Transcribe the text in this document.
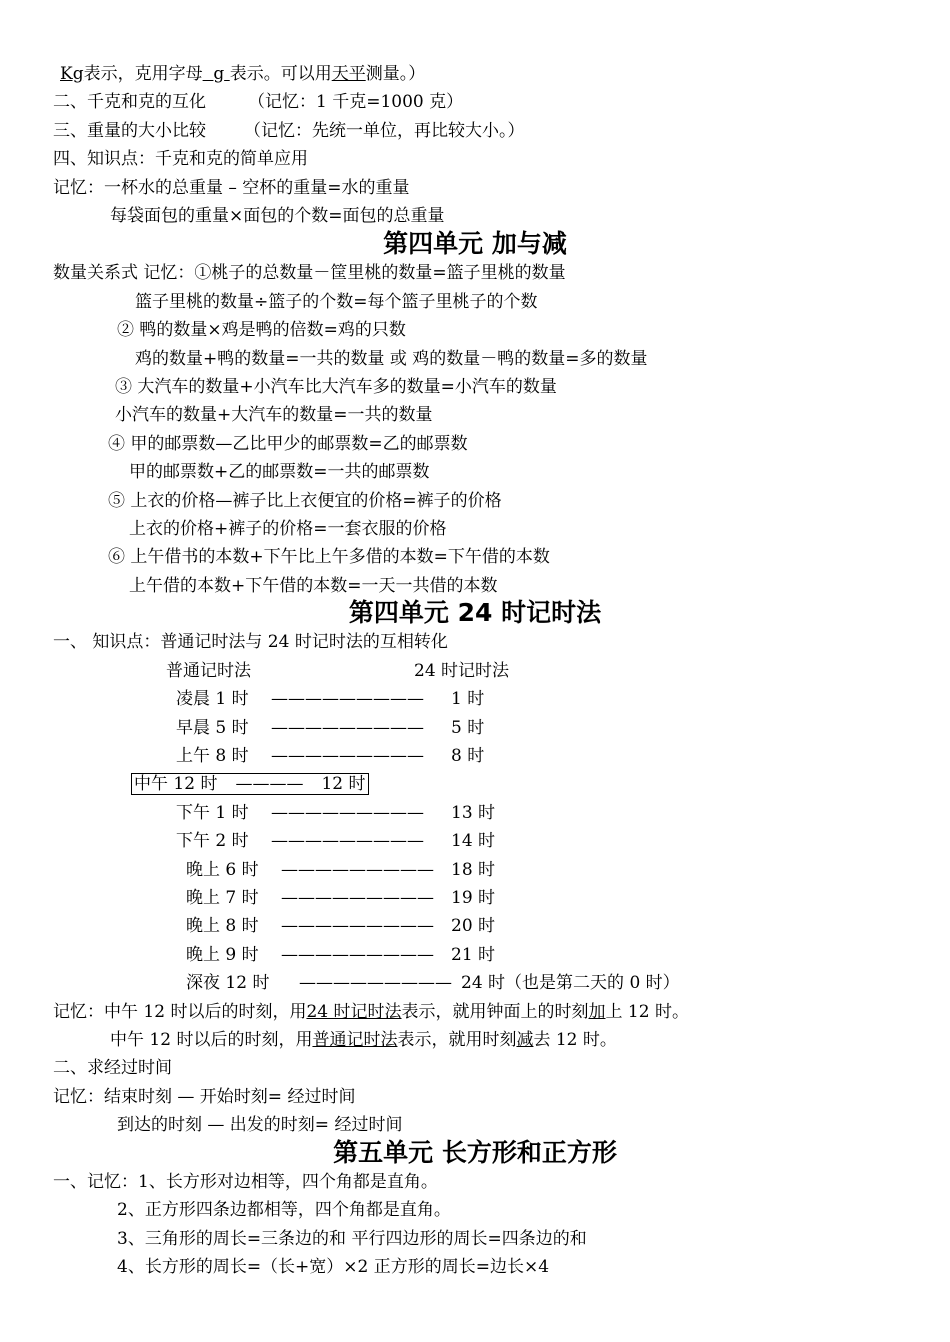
Kg表示，克用字母 g 表示。可以用天平测量。）
二、千克和克的互化 （记忆：1 千克=1000 克）
三、重量的大小比较 （记忆：先统一单位，再比较大小。）
四、知识点：千克和克的简单应用
记忆：一杯水的总重量 – 空杯的重量=水的重量
每袋面包的重量×面包的个数=面包的总重量
第四单元 加与减
数量关系式 记忆：①桃子的总数量－筐里桃的数量=篮子里桃的数量
篮子里桃的数量÷篮子的个数=每个篮子里桃子的个数
② 鸭的数量×鸡是鸭的倍数=鸡的只数
鸡的数量+鸭的数量=一共的数量 或 鸡的数量－鸭的数量=多的数量
③ 大汽车的数量+小汽车比大汽车多的数量=小汽车的数量
小汽车的数量+大汽车的数量=一共的数量
④ 甲的邮票数—乙比甲少的邮票数=乙的邮票数
甲的邮票数+乙的邮票数=一共的邮票数
⑤ 上衣的价格—裤子比上衣便宜的价格=裤子的价格
上衣的价格+裤子的价格=一套衣服的价格
⑥ 上午借书的本数+下午比上午多借的本数=下午借的本数
上午借的本数+下午借的本数=一天一共借的本数
第四单元 24 时记时法
一、 知识点：普通记时法与 24 时记时法的互相转化
普通记时法	24 时记时法
凌晨 1 时 ————————— 1 时
早晨 5 时 ————————— 5 时
上午 8 时 ————————— 8 时
中午 12 时 ———— 12 时
下午 1 时 ————————— 13 时
下午 2 时 ————————— 14 时
晚上 6 时 ————————— 18 时
晚上 7 时 ————————— 19 时
晚上 8 时 ————————— 20 时
晚上 9 时 ————————— 21 时
深夜 12 时 ————————— 24 时（也是第二天的 0 时）
记忆：中午 12 时以后的时刻，用24 时记时法表示，就用钟面上的时刻加上 12 时。
中午 12 时以后的时刻，用普通记时法表示，就用时刻减去 12 时。
二、求经过时间
记忆：结束时刻 — 开始时刻= 经过时间
到达的时刻 — 出发的时刻= 经过时间
第五单元 长方形和正方形
一、记忆：1、长方形对边相等，四个角都是直角。
2、正方形四条边都相等，四个角都是直角。
3、三角形的周长=三条边的和 平行四边形的周长=四条边的和
4、长方形的周长=（长+宽）×2 正方形的周长=边长×4
